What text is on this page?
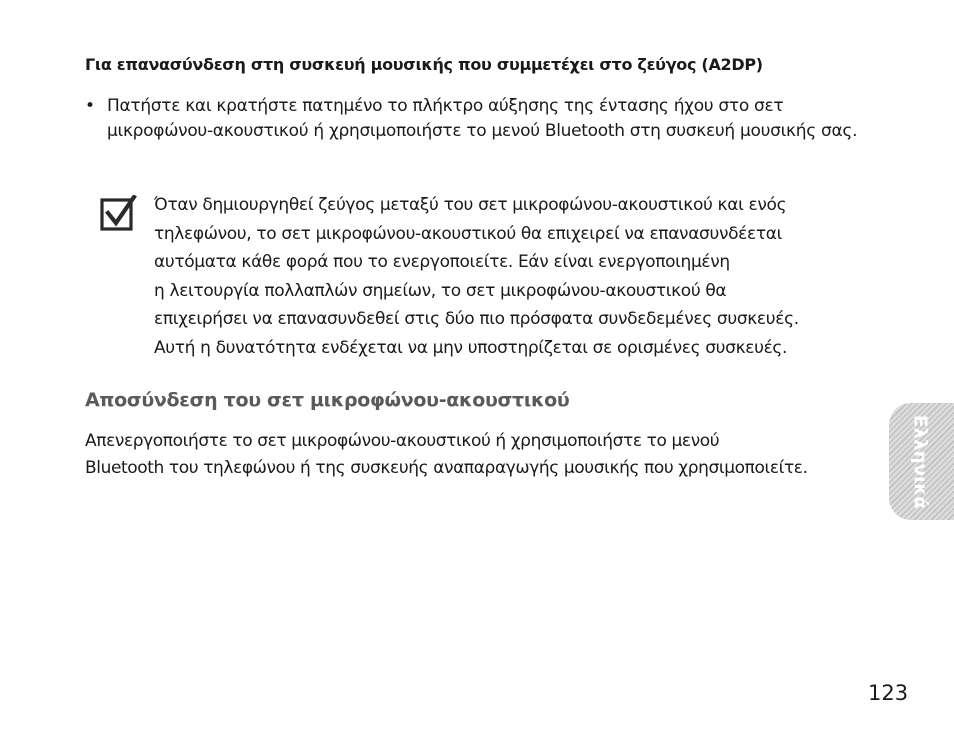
Για επανασύνδεση στη συσκευή μουσικής που συμμετέχει στο ζεύγος (A2DP)
• Πατήστε και κρατήστε πατημένο το πλήκτρο αύξησης της έντασης ήχου στο σετ μικροφώνου-ακουστικού ή χρησιμοποιήστε το μενού Bluetooth στη συσκευή μουσικής σας.
Όταν δημιουργηθεί ζεύγος μεταξύ του σετ μικροφώνου-ακουστικού και ενός
τηλεφώνου, το σετ μικροφώνου-ακουστικού θα επιχειρεί να επανασυνδέεται
αυτόματα κάθε φορά που το ενεργοποιείτε. Εάν είναι ενεργοποιημένη
η λειτουργία πολλαπλών σημείων, το σετ μικροφώνου-ακουστικού θα
επιχειρήσει να επανασυνδεθεί στις δύο πιο πρόσφατα συνδεδεμένες συσκευές.
Αυτή η δυνατότητα ενδέχεται να μην υποστηρίζεται σε ορισμένες συσκευές.
Αποσύνδεση του σετ μικροφώνου-ακουστικού
Απενεργοποιήστε το σετ μικροφώνου-ακουστικού ή χρησιμοποιήστε το μενού
Bluetooth του τηλεφώνου ή της συσκευής αναπαραγωγής μουσικής που χρησιμοποιείτε.	Ελληνικά
123
